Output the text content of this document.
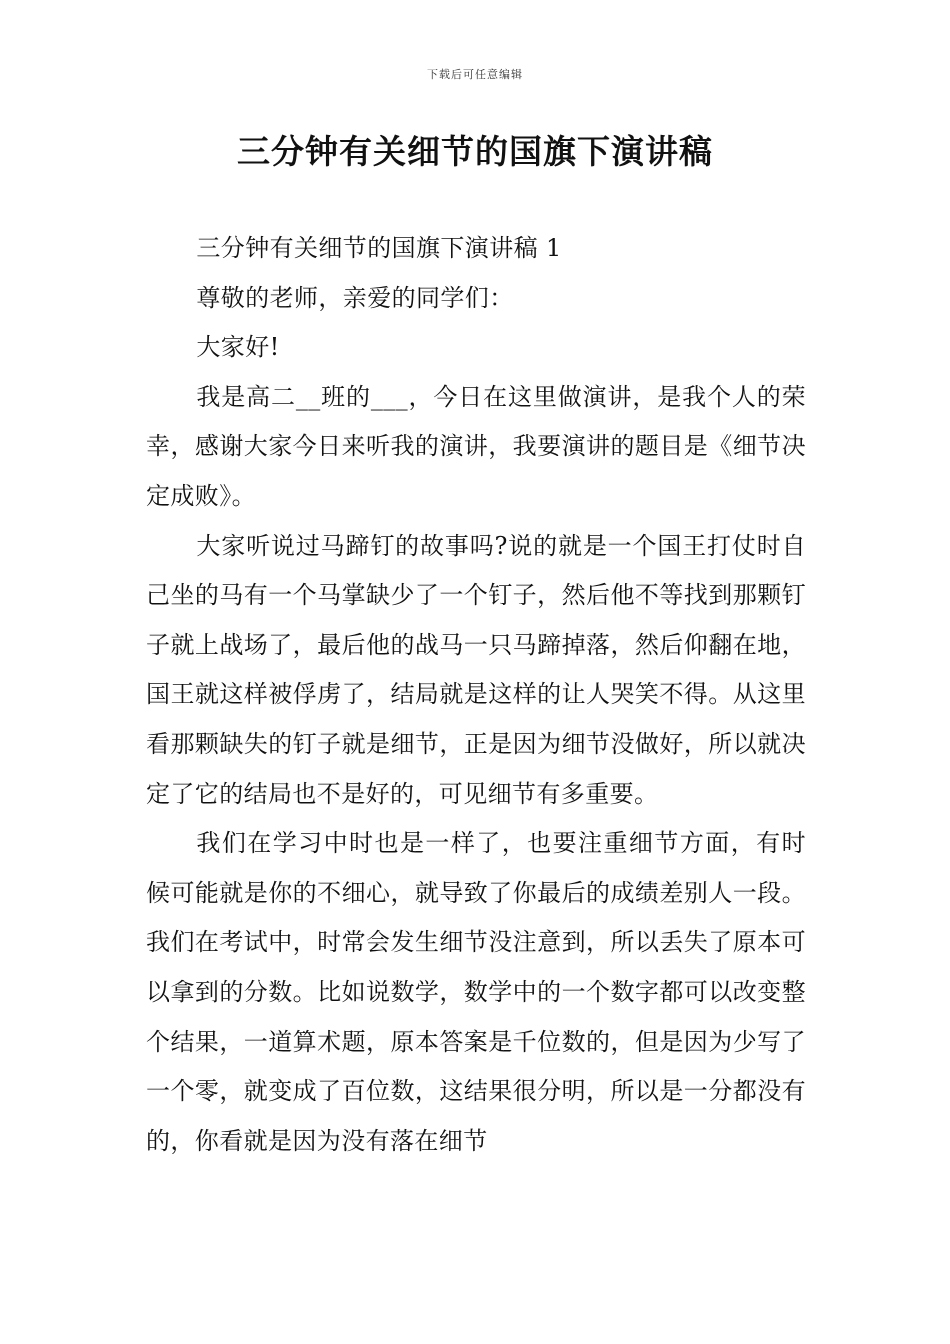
下载后可任意编辑
三分钟有关细节的国旗下演讲稿

三分钟有关细节的国旗下演讲稿 1

尊敬的老师，亲爱的同学们：

大家好!

我是高二__班的___，今日在这里做演讲，是我个人的荣幸，感谢大家今日来听我的演讲，我要演讲的题目是《细节决定成败》。

大家听说过马蹄钉的故事吗?说的就是一个国王打仗时自己坐的马有一个马掌缺少了一个钉子，然后他不等找到那颗钉子就上战场了，最后他的战马一只马蹄掉落，然后仰翻在地，国王就这样被俘虏了，结局就是这样的让人哭笑不得。从这里看那颗缺失的钉子就是细节，正是因为细节没做好，所以就决定了它的结局也不是好的，可见细节有多重要。

我们在学习中时也是一样了，也要注重细节方面，有时候可能就是你的不细心，就导致了你最后的成绩差别人一段。我们在考试中，时常会发生细节没注意到，所以丢失了原本可以拿到的分数。比如说数学，数学中的一个数字都可以改变整个结果，一道算术题，原本答案是千位数的，但是因为少写了一个零，就变成了百位数，这结果很分明，所以是一分都没有的，你看就是因为没有落在细节
